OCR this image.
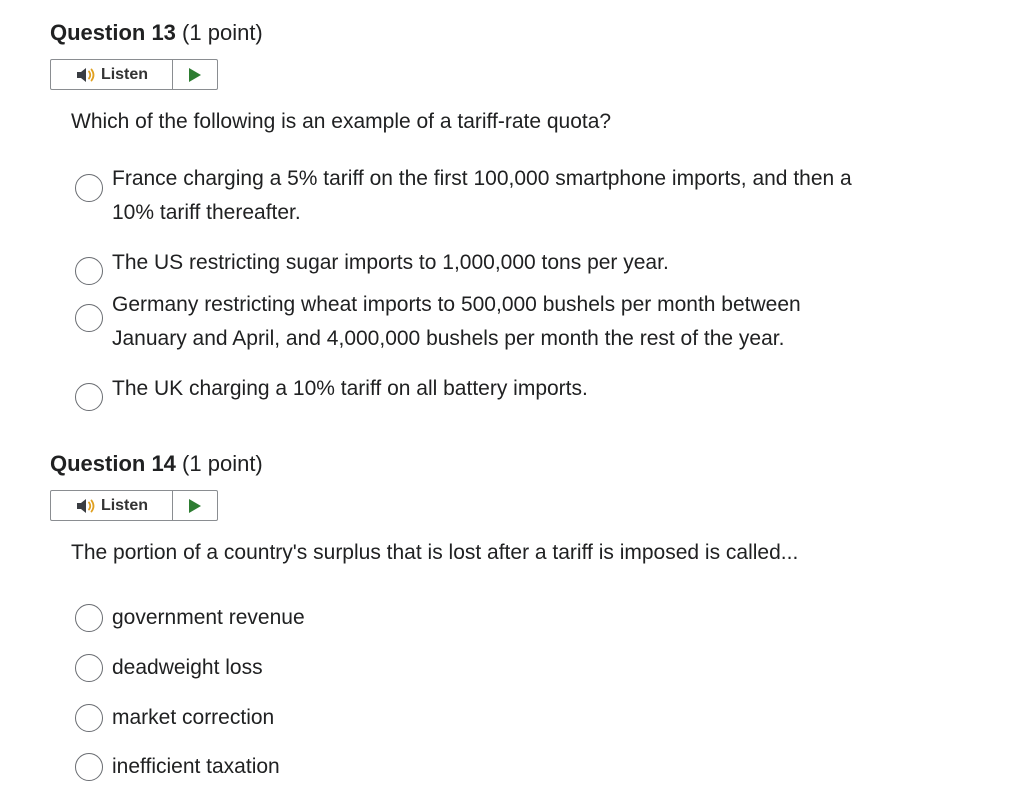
Question 13 (1 point)
Listen

Which of the following is an example of a tariff-rate quota?

France charging a 5% tariff on the first 100,000 smartphone imports, and then a
10% tariff thereafter.
The US restricting sugar imports to 1,000,000 tons per year.
Germany restricting wheat imports to 500,000 bushels per month between
January and April, and 4,000,000 bushels per month the rest of the year.
The UK charging a 10% tariff on all battery imports.
Question 14 (1 point)
Listen

The portion of a country's surplus that is lost after a tariff is imposed is called...

government revenue
deadweight loss
market correction
inefficient taxation
